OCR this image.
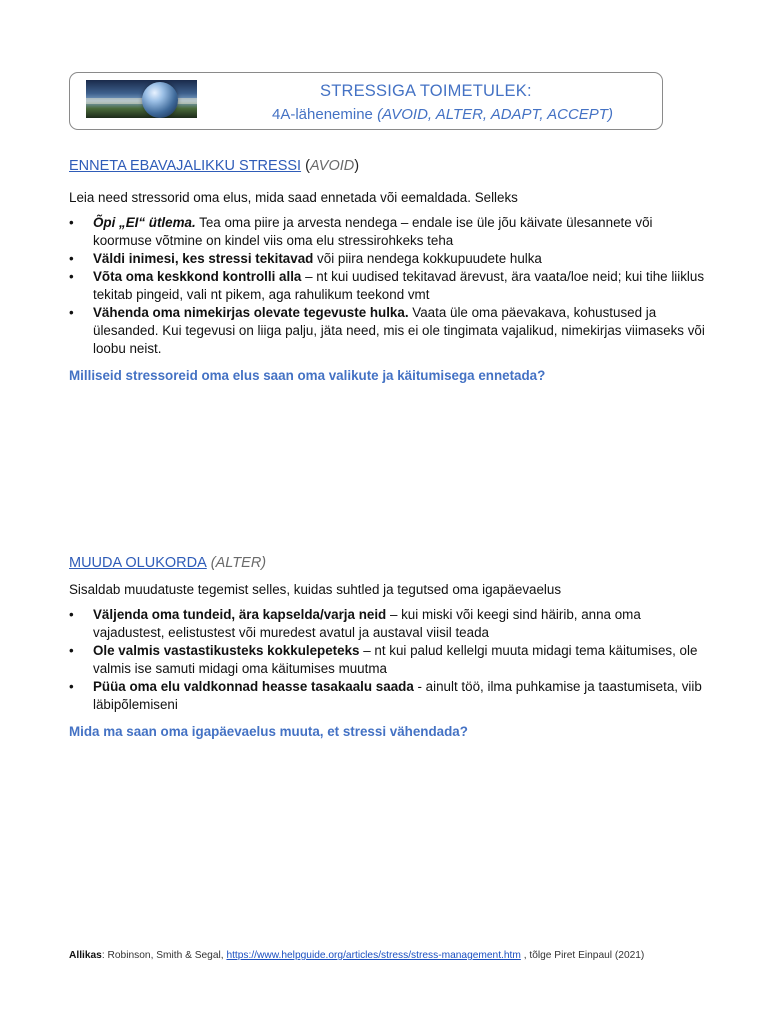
STRESSIGA TOIMETULEK:
4A-lähenemine (AVOID, ALTER, ADAPT, ACCEPT)
ENNETA EBAVAJALIKKU STRESSI (AVOID)
Leia need stressorid oma elus, mida saad ennetada või eemaldada. Selleks
• Õpi „EI“ ütlema. Tea oma piire ja arvesta nendega – endale ise üle jõu käivate ülesannete või koormuse võtmine on kindel viis oma elu stressirohkeks teha
• Väldi inimesi, kes stressi tekitavad või piira nendega kokkupuudete hulka
• Võta oma keskkond kontrolli alla – nt kui uudised tekitavad ärevust, ära vaata/loe neid; kui tihe liiklus tekitab pingeid, vali nt pikem, aga rahulikum teekond vmt
• Vähenda oma nimekirjas olevate tegevuste hulka. Vaata üle oma päevakava, kohustused ja ülesanded. Kui tegevusi on liiga palju, jäta need, mis ei ole tingimata vajalikud, nimekirjas viimaseks või loobu neist.
Milliseid stressoreid oma elus saan oma valikute ja käitumisega ennetada?
MUUDA OLUKORDA (ALTER)
Sisaldab muudatuste tegemist selles, kuidas suhtled ja tegutsed oma igapäevaelus
• Väljenda oma tundeid, ära kapselda/varja neid – kui miski või keegi sind häirib, anna oma vajadustest, eelistustest või muredest avatul ja austaval viisil teada
• Ole valmis vastastikusteks kokkulepeteks – nt kui palud kellelgi muuta midagi tema käitumises, ole valmis ise samuti midagi oma käitumises muutma
• Püüa oma elu valdkonnad heasse tasakaalu saada - ainult töö, ilma puhkamise ja taastumiseta, viib läbipõlemiseni
Mida ma saan oma igapäevaelus muuta, et stressi vähendada?
Allikas: Robinson, Smith & Segal, https://www.helpguide.org/articles/stress/stress-management.htm , tõlge Piret Einpaul (2021)
